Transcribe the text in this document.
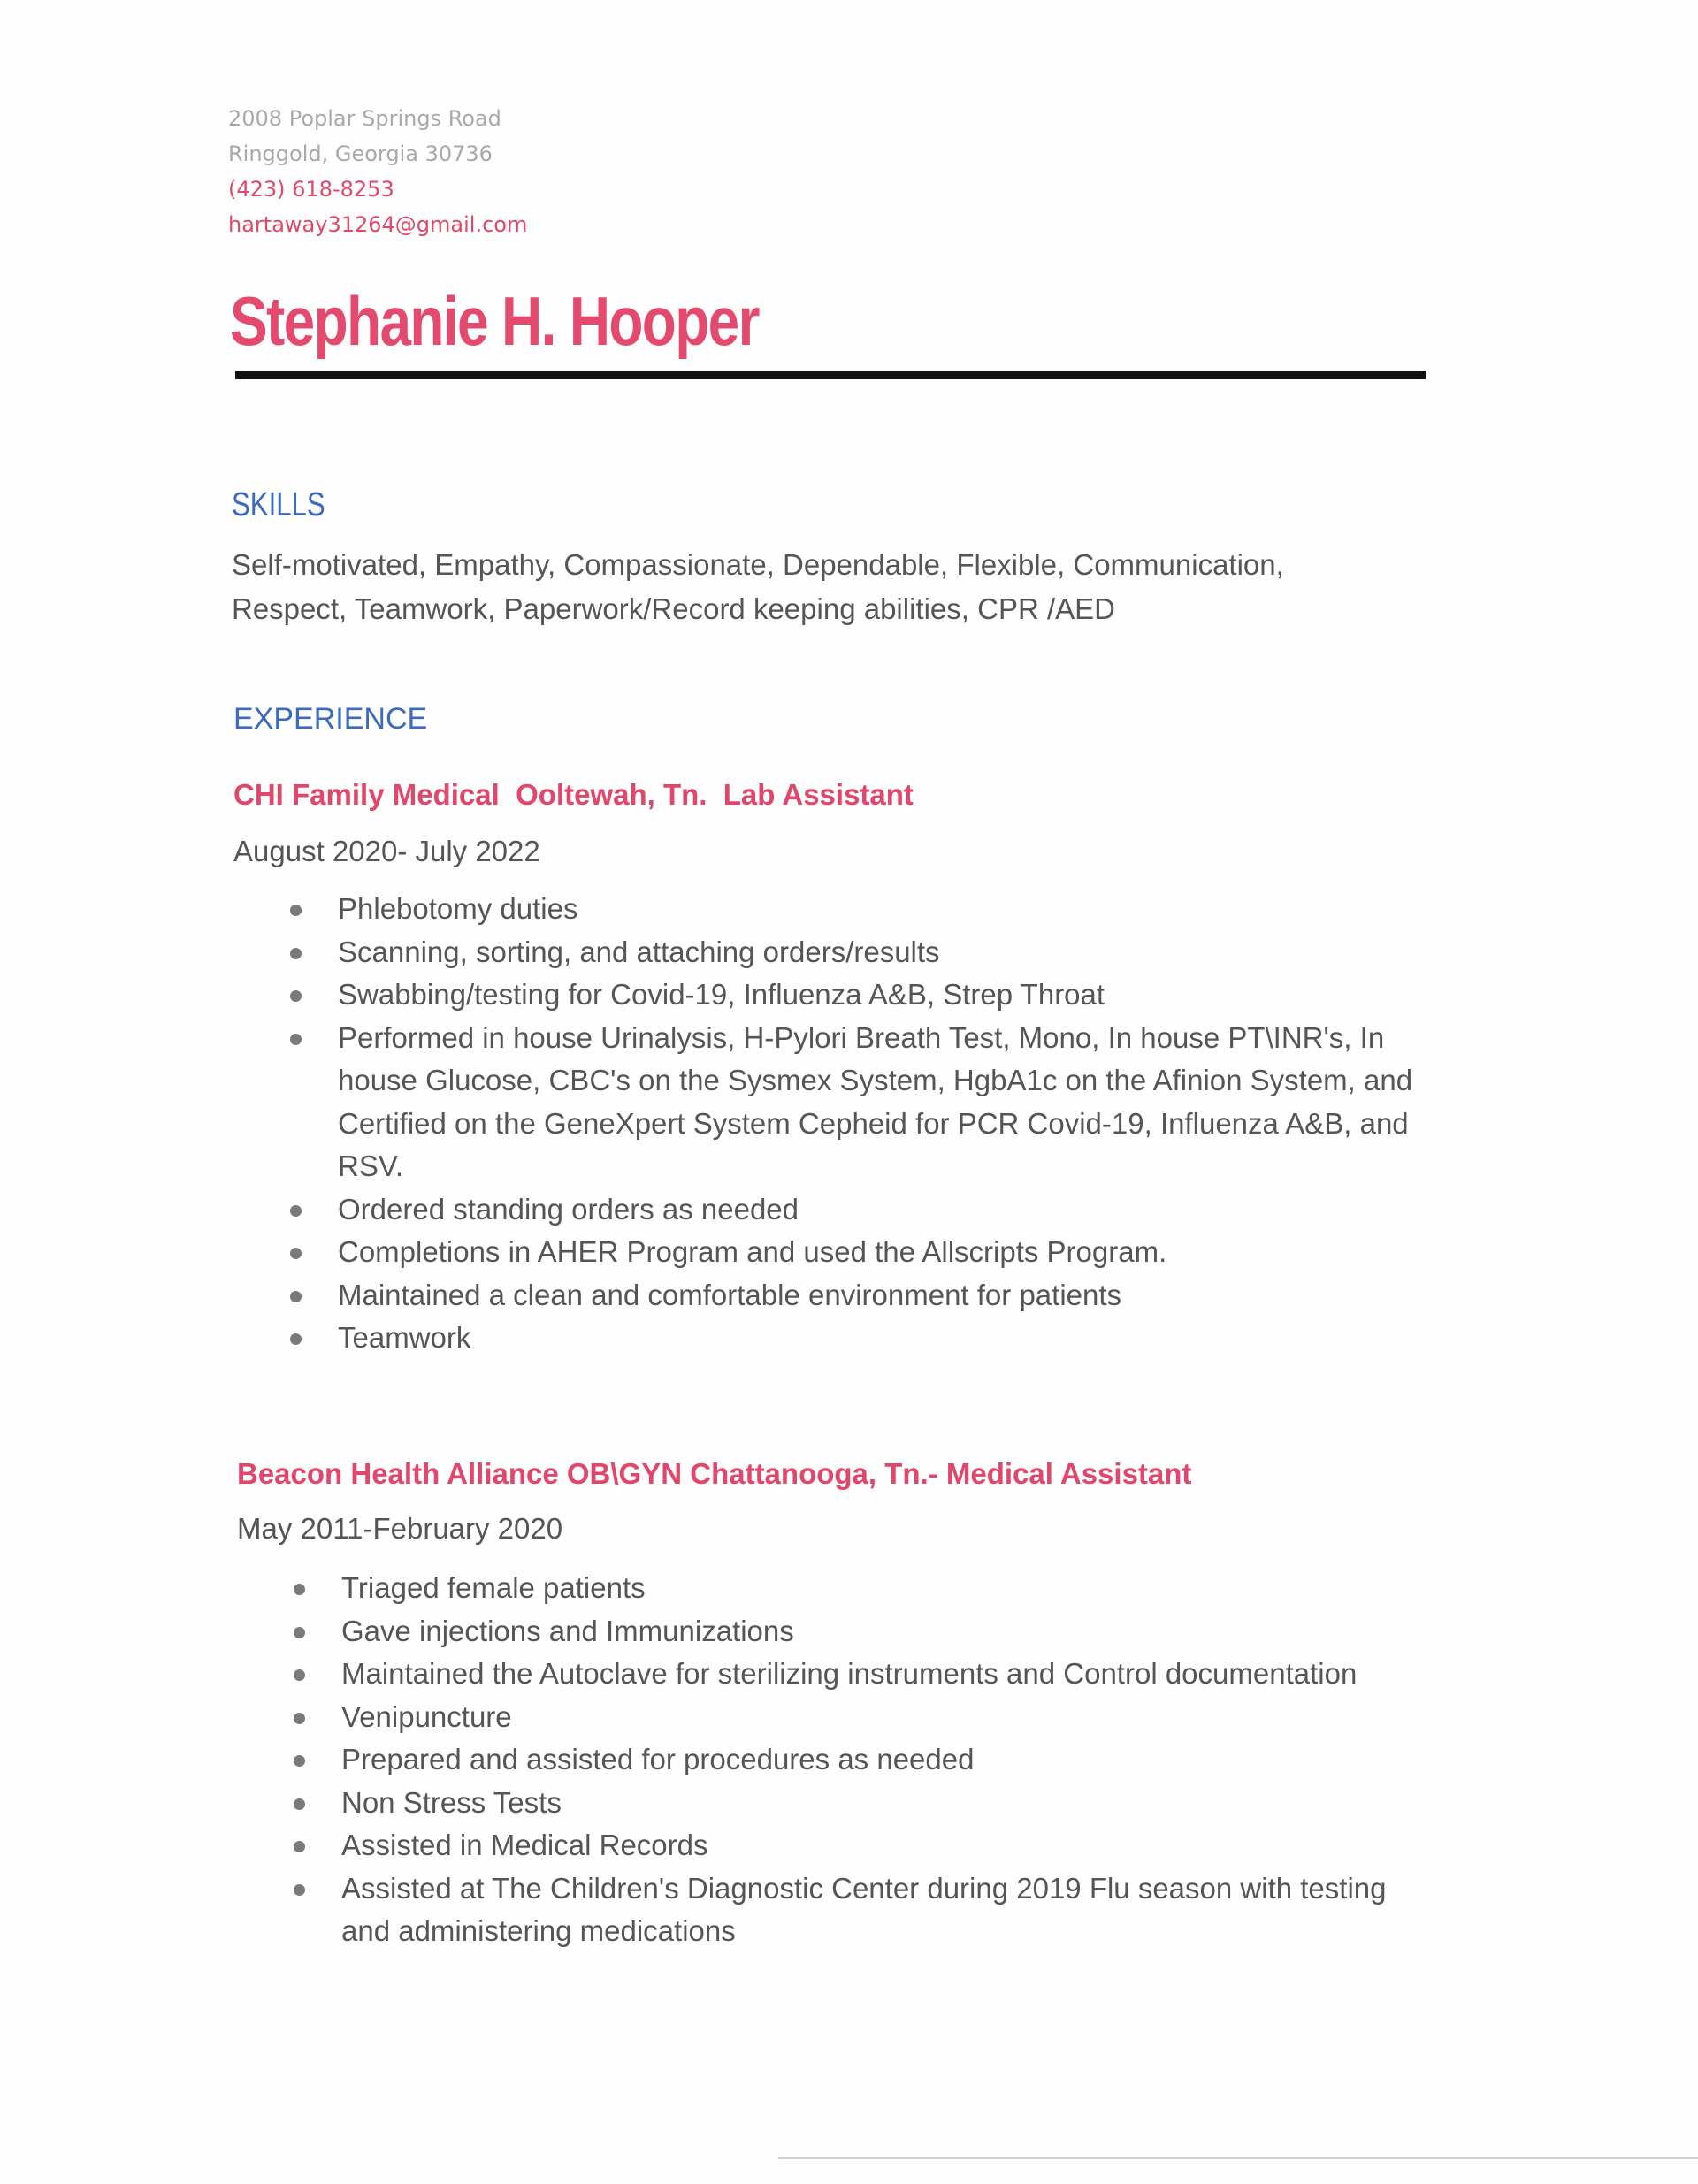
2008 Poplar Springs Road
Ringgold, Georgia 30736
(423) 618-8253
hartaway31264@gmail.com
Stephanie H. Hooper
SKILLS

Self-motivated, Empathy, Compassionate, Dependable, Flexible, Communication, Respect, Teamwork, Paperwork/Record keeping abilities, CPR /AED

EXPERIENCE
CHI Family Medical  Ooltewah, Tn.  Lab Assistant

August 2020- July 2022

Phlebotomy duties
Scanning, sorting, and attaching orders/results
Swabbing/testing for Covid-19, Influenza A&B, Strep Throat
Performed in house Urinalysis, H-Pylori Breath Test, Mono, In house PT\INR's, In house Glucose, CBC's on the Sysmex System, HgbA1c on the Afinion System, and Certified on the GeneXpert System Cepheid for PCR Covid-19, Influenza A&B, and RSV.
Ordered standing orders as needed
Completions in AHER Program and used the Allscripts Program.
Maintained a clean and comfortable environment for patients
Teamwork
Beacon Health Alliance OB\GYN Chattanooga, Tn.- Medical Assistant

May 2011-February 2020

Triaged female patients
Gave injections and Immunizations
Maintained the Autoclave for sterilizing instruments and Control documentation
Venipuncture
Prepared and assisted for procedures as needed
Non Stress Tests
Assisted in Medical Records
Assisted at The Children's Diagnostic Center during 2019 Flu season with testing and administering medications
